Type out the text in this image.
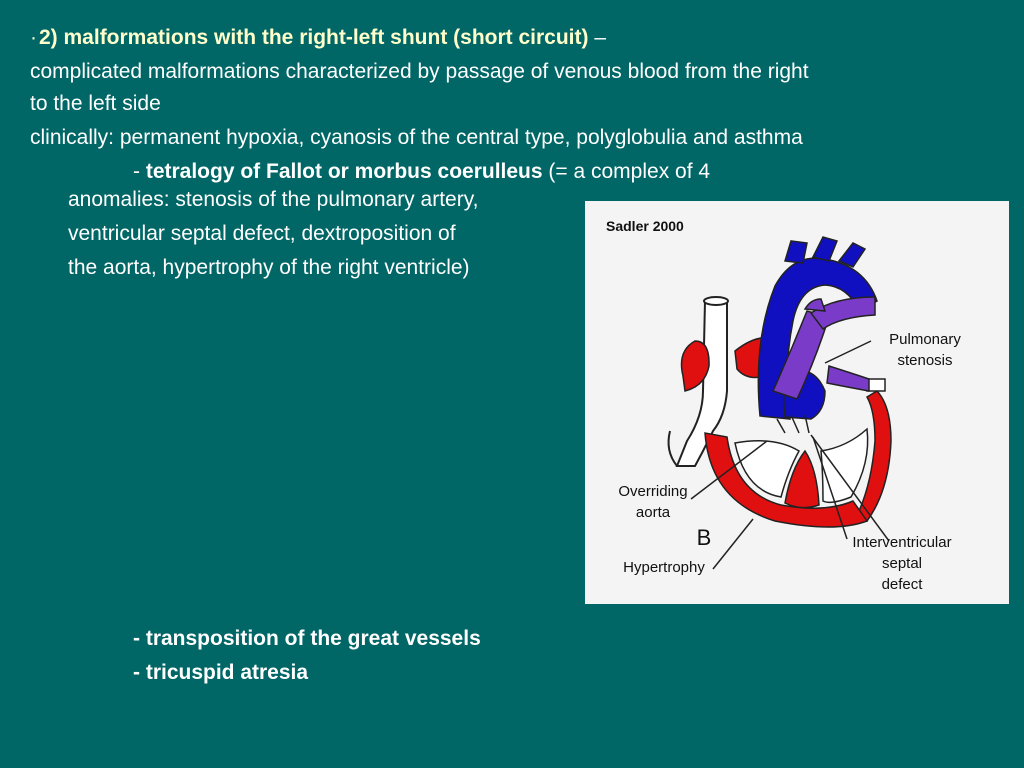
·2) malformations with the right-left shunt (short circuit) –
complicated malformations characterized by passage of venous blood from the right
to the left side
clinically: permanent hypoxia, cyanosis of the central type, polyglobulia and asthma
- tetralogy of Fallot or morbus coerulleus (= a complex of 4
anomalies: stenosis of the pulmonary artery,
ventricular septal defect, dextroposition of
the aorta, hypertrophy of the right ventricle)
Sadler 2000
Pulmonary
stenosis
Overriding
aorta
B
Hypertrophy
Interventricular
septal
defect
- transposition of the great vessels
- tricuspid atresia
